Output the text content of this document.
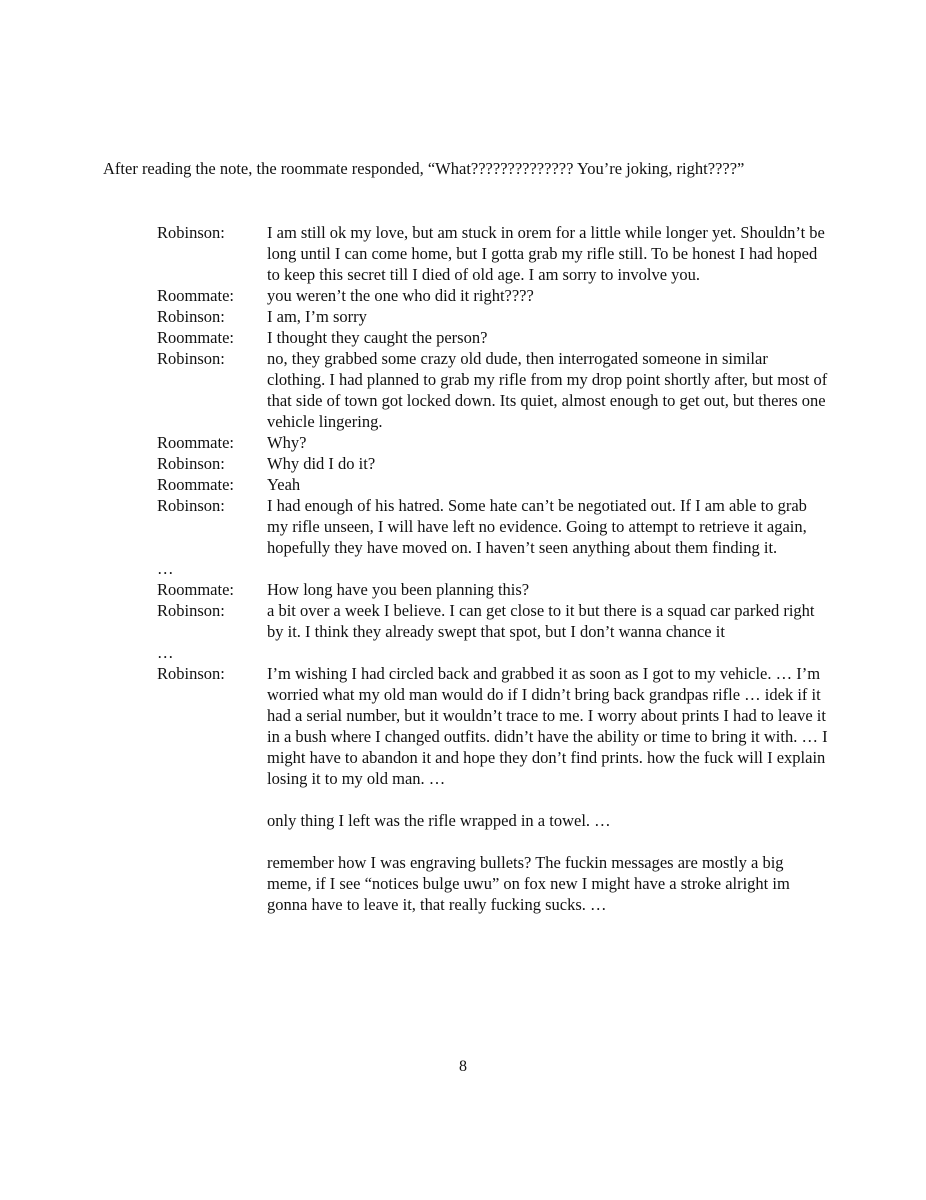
After reading the note, the roommate responded, “What?????????????? You’re joking, right????”
Robinson:	I am still ok my love, but am stuck in orem for a little while longer yet. Shouldn’t be long until I can come home, but I gotta grab my rifle still. To be honest I had hoped to keep this secret till I died of old age. I am sorry to involve you.
Roommate:	you weren’t the one who did it right????
Robinson:	I am, I’m sorry
Roommate:	I thought they caught the person?
Robinson:	no, they grabbed some crazy old dude, then interrogated someone in similar clothing. I had planned to grab my rifle from my drop point shortly after, but most of that side of town got locked down. Its quiet, almost enough to get out, but theres one vehicle lingering.
Roommate:	Why?
Robinson:	Why did I do it?
Roommate:	Yeah
Robinson:	I had enough of his hatred. Some hate can’t be negotiated out. If I am able to grab my rifle unseen, I will have left no evidence. Going to attempt to retrieve it again, hopefully they have moved on. I haven’t seen anything about them finding it.
…
Roommate:	How long have you been planning this?
Robinson:	a bit over a week I believe. I can get close to it but there is a squad car parked right by it. I think they already swept that spot, but I don’t wanna chance it
…
Robinson:	I’m wishing I had circled back and grabbed it as soon as I got to my vehicle. … I’m worried what my old man would do if I didn’t bring back grandpas rifle … idek if it had a serial number, but it wouldn’t trace to me. I worry about prints I had to leave it in a bush where I changed outfits. didn’t have the ability or time to bring it with. … I might have to abandon it and hope they don’t find prints. how the fuck will I explain losing it to my old man. …

only thing I left was the rifle wrapped in a towel. …

remember how I was engraving bullets? The fuckin messages are mostly a big meme, if I see “notices bulge uwu” on fox new I might have a stroke alright im gonna have to leave it, that really fucking sucks. …

8
